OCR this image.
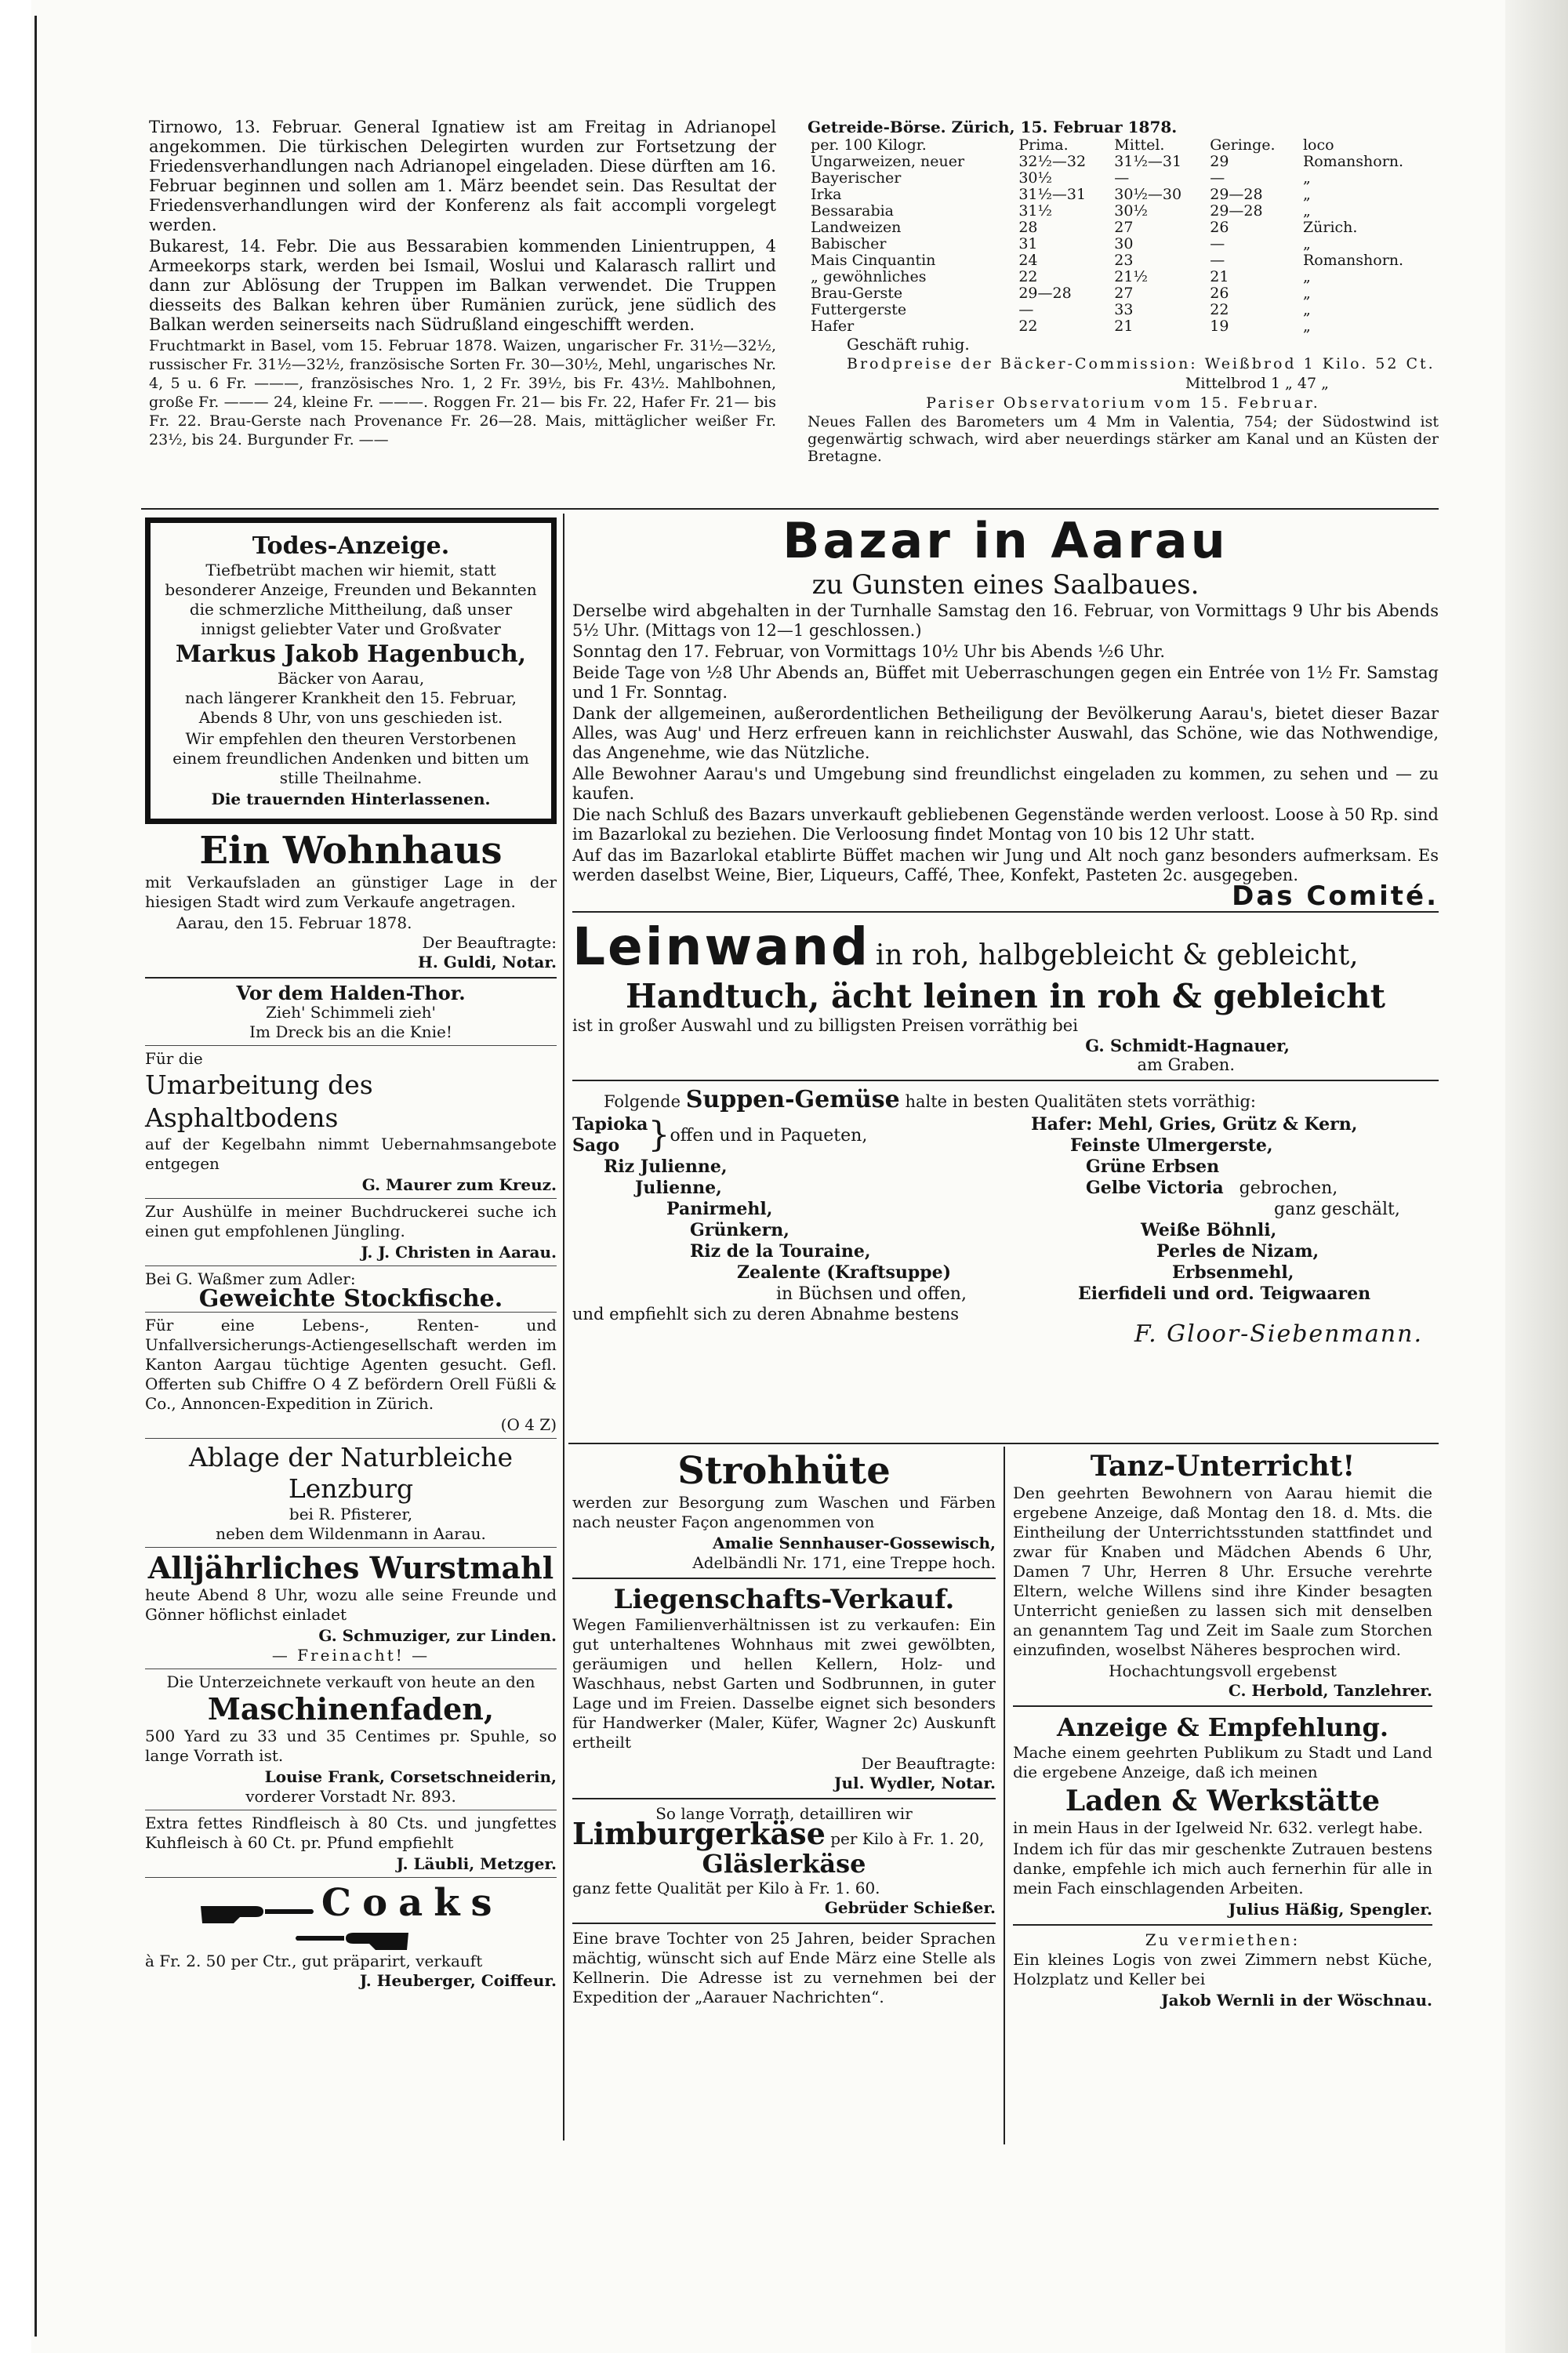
Tirnowo, 13. Februar. General Ignatiew ist am Freitag in Adrianopel angekommen. Die türkischen Delegirten wurden zur Fortsetzung der Friedensverhandlungen nach Adrianopel eingeladen. Diese dürften am 16. Februar beginnen und sollen am 1. März beendet sein. Das Resultat der Friedensverhandlungen wird der Konferenz als fait accompli vorgelegt werden.

Bukarest, 14. Febr. Die aus Bessarabien kommenden Linientruppen, 4 Armeekorps stark, werden bei Ismail, Woslui und Kalarasch rallirt und dann zur Ablösung der Truppen im Balkan verwendet. Die Truppen diesseits des Balkan kehren über Rumänien zurück, jene südlich des Balkan werden seinerseits nach Südrußland eingeschifft werden.

Fruchtmarkt in Basel, vom 15. Februar 1878. Waizen, ungarischer Fr. 31½—32½, russischer Fr. 31½—32½, französische Sorten Fr. 30—30½, Mehl, ungarisches Nr. 4, 5 u. 6 Fr. ———, französisches Nro. 1, 2 Fr. 39½, bis Fr. 43½. Mahlbohnen, große Fr. ——— 24, kleine Fr. ———. Roggen Fr. 21— bis Fr. 22, Hafer Fr. 21— bis Fr. 22. Brau-Gerste nach Provenance Fr. 26—28. Mais, mittäglicher weißer Fr. 23½, bis 24. Burgunder Fr. ——

Getreide-Börse. Zürich, 15. Februar 1878.
per. 100 Kilogr.	Prima.	Mittel.	Geringe.	loco
Ungarweizen, neuer	32½—32	31½—31	29	Romanshorn.
Bayerischer	30½	—	—	„
Irka	31½—31	30½—30	29—28	„
Bessarabia	31½	30½	29—28	„
Landweizen	28	27	26	Zürich.
Babischer	31	30	—	„
Mais Cinquantin	24	23	—	Romanshorn.
„ gewöhnliches	22	21½	21	„
Brau-Gerste	29—28	27	26	„
Futtergerste	—	33	22	„
Hafer	22	21	19	„
Geschäft ruhig.
Brodpreise der Bäcker-Commission: Weißbrod 1 Kilo. 52 Ct.
Mittelbrod 1 „ 47 „
Pariser Observatorium vom 15. Februar.

Neues Fallen des Barometers um 4 Mm in Valentia, 754; der Südostwind ist gegenwärtig schwach, wird aber neuerdings stärker am Kanal und an Küsten der Bretagne.

Todes-Anzeige.

Tiefbetrübt machen wir hiemit, statt besonderer Anzeige, Freunden und Bekannten die schmerzliche Mittheilung, daß unser innigst geliebter Vater und Großvater

Markus Jakob Hagenbuch,
Bäcker von Aarau,

nach längerer Krankheit den 15. Februar, Abends 8 Uhr, von uns geschieden ist.

Wir empfehlen den theuren Verstorbenen einem freundlichen Andenken und bitten um stille Theilnahme.

Die trauernden Hinterlassenen.
Ein Wohnhaus

mit Verkaufsladen an günstiger Lage in der hiesigen Stadt wird zum Verkaufe angetragen.

Aarau, den 15. Februar 1878.
Der Beauftragte:
H. Guldi, Notar.
Vor dem Halden-Thor.
Zieh' Schimmeli zieh'
Im Dreck bis an die Knie!
Für die
Umarbeitung des Asphaltbodens

auf der Kegelbahn nimmt Uebernahmsangebote entgegen

G. Maurer zum Kreuz.

Zur Aushülfe in meiner Buchdruckerei suche ich einen gut empfohlenen Jüngling.

J. J. Christen in Aarau.
Bei G. Waßmer zum Adler:
Geweichte Stockfische.

Für eine Lebens-, Renten- und Unfallversicherungs-Actiengesellschaft werden im Kanton Aargau tüchtige Agenten gesucht. Gefl. Offerten sub Chiffre O 4 Z befördern Orell Füßli & Co., Annoncen-Expedition in Zürich.

(O 4 Z)
Ablage der Naturbleiche Lenzburg
bei R. Pfisterer,
neben dem Wildenmann in Aarau.
Alljährliches Wurstmahl

heute Abend 8 Uhr, wozu alle seine Freunde und Gönner höflichst einladet

G. Schmuziger, zur Linden.
— Freinacht! —
Die Unterzeichnete verkauft von heute an den
Maschinenfaden,

500 Yard zu 33 und 35 Centimes pr. Spuhle, so lange Vorrath ist.

Louise Frank, Corsetschneiderin,
vorderer Vorstadt Nr. 893.

Extra fettes Rindfleisch à 80 Cts. und jungfettes Kuhfleisch à 60 Ct. pr. Pfund empfiehlt

J. Läubli, Metzger.
Coaks
à Fr. 2. 50 per Ctr., gut präparirt, verkauft
J. Heuberger, Coiffeur.
Bazar in Aarau
zu Gunsten eines Saalbaues.

Derselbe wird abgehalten in der Turnhalle Samstag den 16. Februar, von Vormittags 9 Uhr bis Abends 5½ Uhr. (Mittags von 12—1 geschlossen.)

Sonntag den 17. Februar, von Vormittags 10½ Uhr bis Abends ½6 Uhr.

Beide Tage von ½8 Uhr Abends an, Büffet mit Ueberraschungen gegen ein Entrée von 1½ Fr. Samstag und 1 Fr. Sonntag.

Dank der allgemeinen, außerordentlichen Betheiligung der Bevölkerung Aarau's, bietet dieser Bazar Alles, was Aug' und Herz erfreuen kann in reichlichster Auswahl, das Schöne, wie das Nothwendige, das Angenehme, wie das Nützliche.

Alle Bewohner Aarau's und Umgebung sind freundlichst eingeladen zu kommen, zu sehen und — zu kaufen.

Die nach Schluß des Bazars unverkauft gebliebenen Gegenstände werden verloost. Loose à 50 Rp. sind im Bazarlokal zu beziehen. Die Verloosung findet Montag von 10 bis 12 Uhr statt.

Auf das im Bazarlokal etablirte Büffet machen wir Jung und Alt noch ganz besonders aufmerksam. Es werden daselbst Weine, Bier, Liqueurs, Caffé, Thee, Konfekt, Pasteten 2c. ausgegeben.

Das Comité.
Leinwand in roh, halbgebleicht & gebleicht,
Handtuch, ächt leinen in roh & gebleicht
ist in großer Auswahl und zu billigsten Preisen vorräthig bei
G. Schmidt-Hagnauer,
am Graben.
Folgende Suppen-Gemüse halte in besten Qualitäten stets vorräthig:
Tapioka
Sago } offen und in Paqueten,
Riz Julienne,
Julienne,
Panirmehl,
Grünkern,
Riz de la Touraine,
Zealente (Kraftsuppe)
in Büchsen und offen,
Hafer: Mehl, Gries, Grütz & Kern,
Feinste Ulmergerste,
Grüne Erbsen
Gelbe Victoria gebrochen,
ganz geschält,
Weiße Böhnli,
Perles de Nizam,
Erbsenmehl,
Eierfideli und ord. Teigwaaren
und empfiehlt sich zu deren Abnahme bestens
F. Gloor-Siebenmann.
Strohhüte

werden zur Besorgung zum Waschen und Färben nach neuster Façon angenommen von

Amalie Sennhauser-Gossewisch,
Adelbändli Nr. 171, eine Treppe hoch.
Liegenschafts-Verkauf.

Wegen Familienverhältnissen ist zu verkaufen: Ein gut unterhaltenes Wohnhaus mit zwei gewölbten, geräumigen und hellen Kellern, Holz- und Waschhaus, nebst Garten und Sodbrunnen, in guter Lage und im Freien. Dasselbe eignet sich besonders für Handwerker (Maler, Küfer, Wagner 2c) Auskunft ertheilt

Der Beauftragte:
Jul. Wydler, Notar.
So lange Vorrath, detailliren wir
Limburgerkäse per Kilo à Fr. 1. 20,
Gläslerkäse
ganz fette Qualität per Kilo à Fr. 1. 60.
Gebrüder Schießer.

Eine brave Tochter von 25 Jahren, beider Sprachen mächtig, wünscht sich auf Ende März eine Stelle als Kellnerin. Die Adresse ist zu vernehmen bei der Expedition der „Aarauer Nachrichten“.

Tanz-Unterricht!

Den geehrten Bewohnern von Aarau hiemit die ergebene Anzeige, daß Montag den 18. d. Mts. die Eintheilung der Unterrichtsstunden stattfindet und zwar für Knaben und Mädchen Abends 6 Uhr, Damen 7 Uhr, Herren 8 Uhr. Ersuche verehrte Eltern, welche Willens sind ihre Kinder besagten Unterricht genießen zu lassen sich mit denselben an genanntem Tag und Zeit im Saale zum Storchen einzufinden, woselbst Näheres besprochen wird.

Hochachtungsvoll ergebenst
C. Herbold, Tanzlehrer.
Anzeige & Empfehlung.

Mache einem geehrten Publikum zu Stadt und Land die ergebene Anzeige, daß ich meinen

Laden & Werkstätte

in mein Haus in der Igelweid Nr. 632. verlegt habe.

Indem ich für das mir geschenkte Zutrauen bestens danke, empfehle ich mich auch fernerhin für alle in mein Fach einschlagenden Arbeiten.

Julius Häßig, Spengler.
Zu vermiethen:

Ein kleines Logis von zwei Zimmern nebst Küche, Holzplatz und Keller bei

Jakob Wernli in der Wöschnau.
